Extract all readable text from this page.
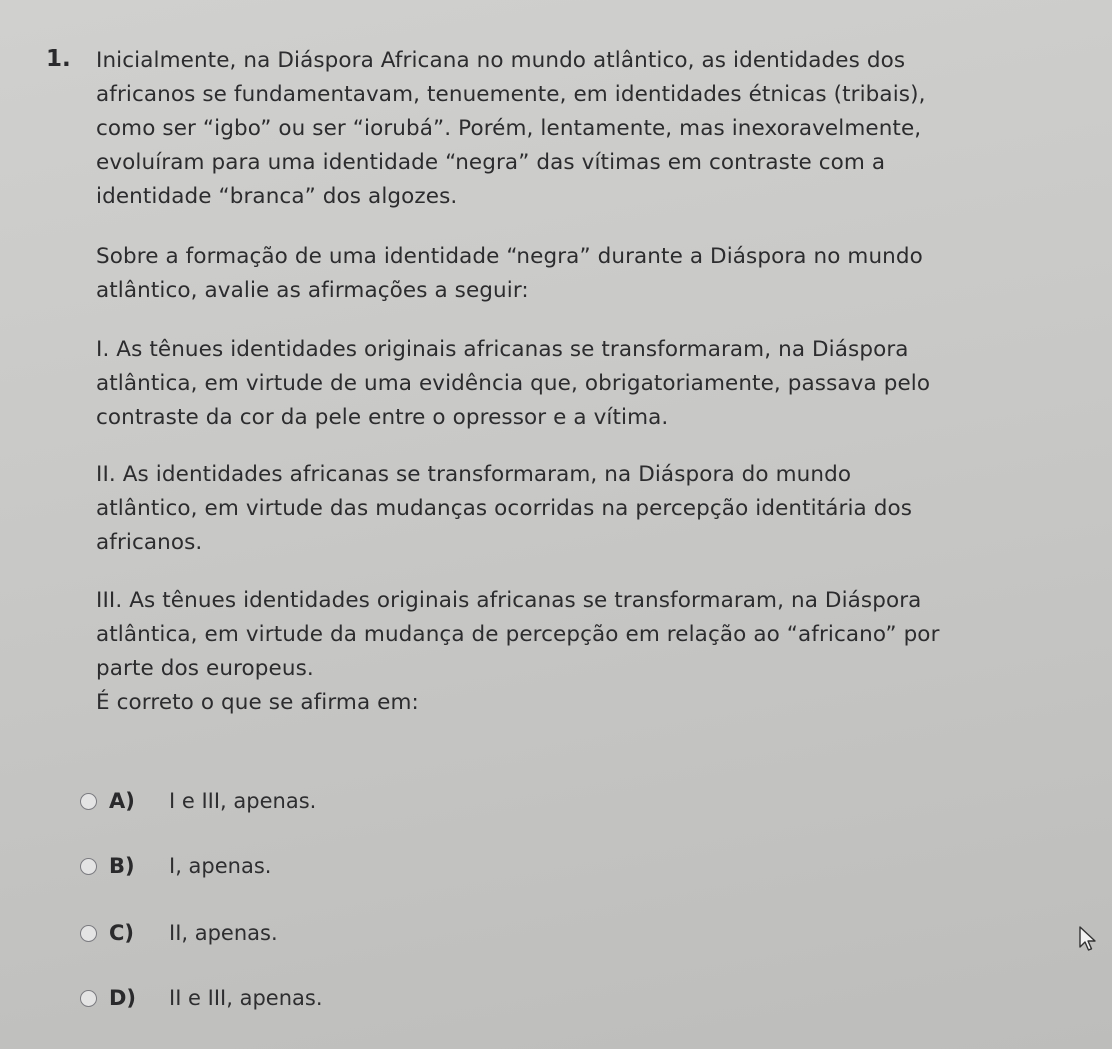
1. Inicialmente, na Diáspora Africana no mundo atlântico, as identidades dos
africanos se fundamentavam, tenuemente, em identidades étnicas (tribais),
como ser “igbo” ou ser “iorubá”. Porém, lentamente, mas inexoravelmente,
evoluíram para uma identidade “negra” das vítimas em contraste com a
identidade “branca” dos algozes.
Sobre a formação de uma identidade “negra” durante a Diáspora no mundo
atlântico, avalie as afirmações a seguir:
I. As tênues identidades originais africanas se transformaram, na Diáspora
atlântica, em virtude de uma evidência que, obrigatoriamente, passava pelo
contraste da cor da pele entre o opressor e a vítima.
II. As identidades africanas se transformaram, na Diáspora do mundo
atlântico, em virtude das mudanças ocorridas na percepção identitária dos
africanos.
III. As tênues identidades originais africanas se transformaram, na Diáspora
atlântica, em virtude da mudança de percepção em relação ao “africano” por
parte dos europeus.
É correto o que se afirma em:
A)	I e III, apenas.
B)	I, apenas.
C)	II, apenas.
D)	II e III, apenas.
